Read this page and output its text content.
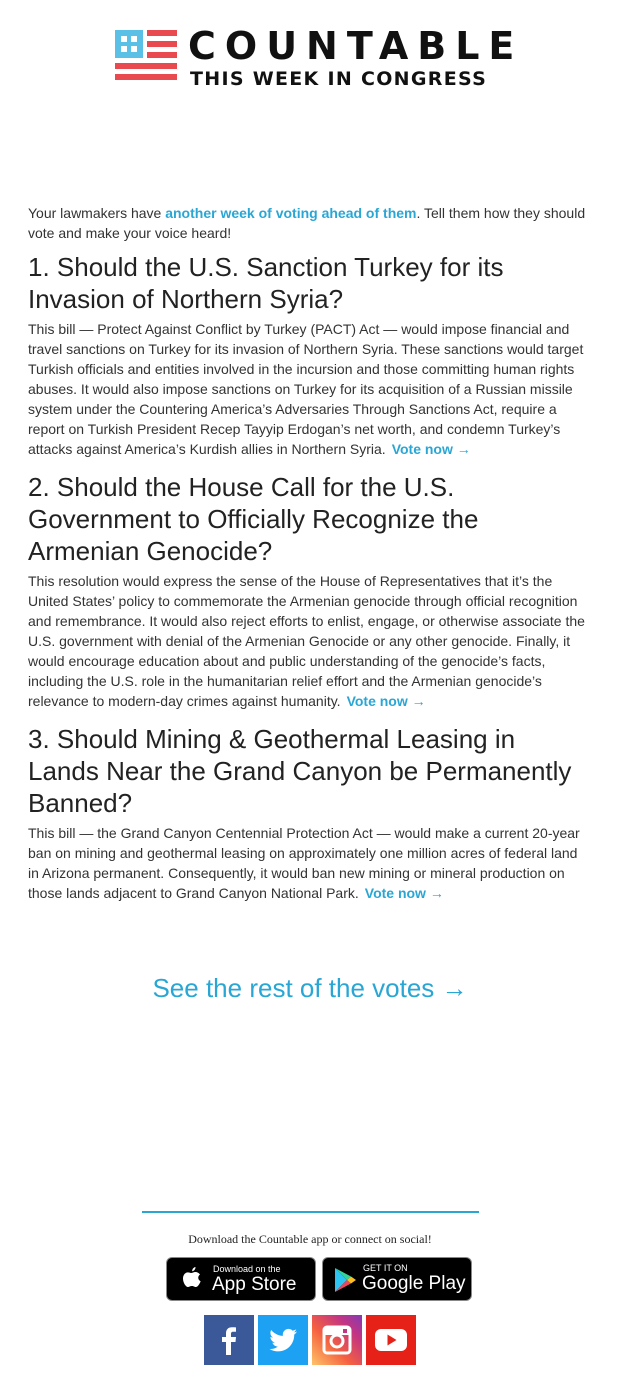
COUNTABLE
THIS WEEK IN CONGRESS

Your lawmakers have another week of voting ahead of them. Tell them how they should vote and make your voice heard!

1. Should the U.S. Sanction Turkey for its Invasion of Northern Syria?

This bill — Protect Against Conflict by Turkey (PACT) Act — would impose financial and travel sanctions on Turkey for its invasion of Northern Syria. These sanctions would target Turkish officials and entities involved in the incursion and those committing human rights abuses. It would also impose sanctions on Turkey for its acquisition of a Russian missile system under the Countering America’s Adversaries Through Sanctions Act, require a report on Turkish President Recep Tayyip Erdogan’s net worth, and condemn Turkey’s attacks against America’s Kurdish allies in Northern Syria. Vote now →

2. Should the House Call for the U.S. Government to Officially Recognize the Armenian Genocide?

This resolution would express the sense of the House of Representatives that it’s the United States’ policy to commemorate the Armenian genocide through official recognition and remembrance. It would also reject efforts to enlist, engage, or otherwise associate the U.S. government with denial of the Armenian Genocide or any other genocide. Finally, it would encourage education about and public understanding of the genocide’s facts, including the U.S. role in the humanitarian relief effort and the Armenian genocide’s relevance to modern-day crimes against humanity. Vote now →

3. Should Mining & Geothermal Leasing in Lands Near the Grand Canyon be Permanently Banned?

This bill — the Grand Canyon Centennial Protection Act — would make a current 20-year ban on mining and geothermal leasing on approximately one million acres of federal land in Arizona permanent. Consequently, it would ban new mining or mineral production on those lands adjacent to Grand Canyon National Park. Vote now →

See the rest of the votes →
Download the Countable app or connect on social!
Download on the
App Store
GET IT ON
Google Play
